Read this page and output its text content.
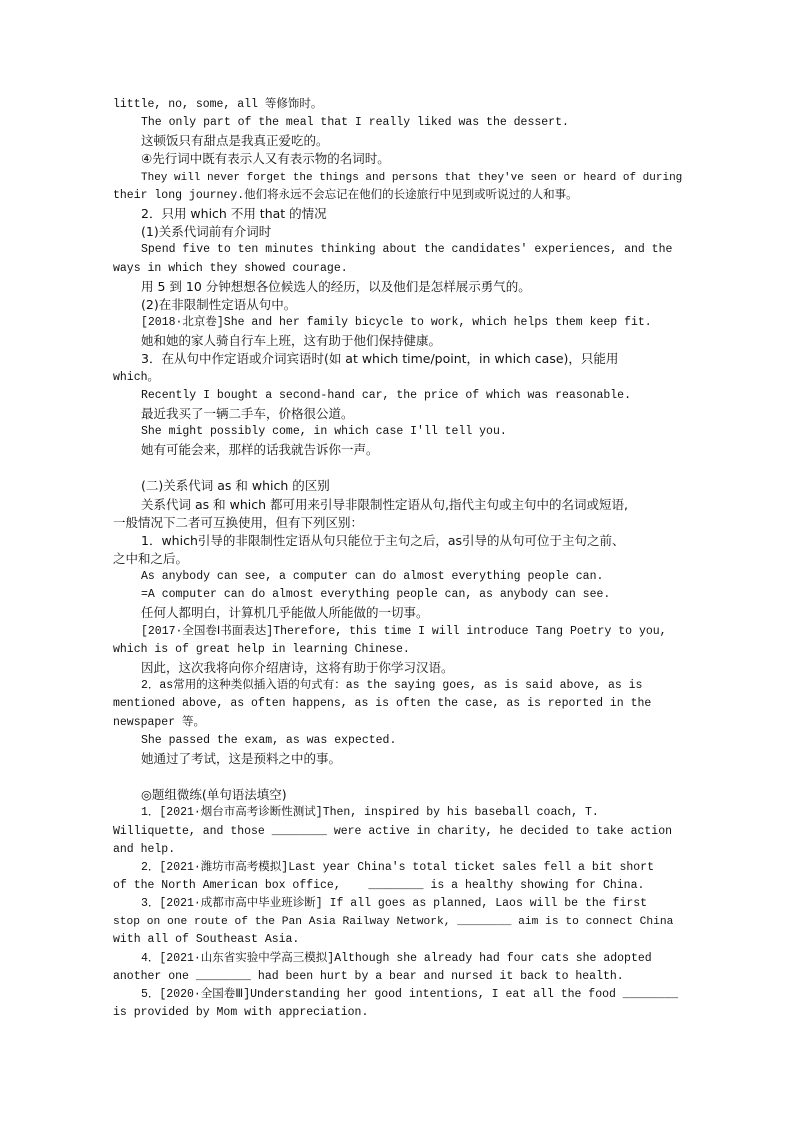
little, no, some, all 等修饰时。
The only part of the meal that I really liked was the dessert.
这顿饭只有甜点是我真正爱吃的。
④先行词中既有表示人又有表示物的名词时。
They will never forget the things and persons that they've seen or heard of during
their long journey.他们将永远不会忘记在他们的长途旅行中见到或听说过的人和事。
2．只用 which 不用 that 的情况
(1)关系代词前有介词时
Spend five to ten minutes thinking about the candidates' experiences, and the
ways in which they showed courage.
用 5 到 10 分钟想想各位候选人的经历，以及他们是怎样展示勇气的。
(2)在非限制性定语从句中。
[2018·北京卷]She and her family bicycle to work, which helps them keep fit.
她和她的家人骑自行车上班，这有助于他们保持健康。
3．在从句中作定语或介词宾语时(如 at which time/point，in which case)，只能用
which。
Recently I bought a second-hand car, the price of which was reasonable.
最近我买了一辆二手车，价格很公道。
She might possibly come, in which case I'll tell you.
她有可能会来，那样的话我就告诉你一声。
(二)关系代词 as 和 which 的区别
关系代词 as 和 which 都可用来引导非限制性定语从句,指代主句或主句中的名词或短语,
一般情况下二者可互换使用，但有下列区别：
1．which引导的非限制性定语从句只能位于主句之后，as引导的从句可位于主句之前、
之中和之后。
As anybody can see, a computer can do almost everything people can.
=A computer can do almost everything people can, as anybody can see.
任何人都明白，计算机几乎能做人所能做的一切事。
[2017·全国卷Ⅰ书面表达]Therefore, this time I will introduce Tang Poetry to you,
which is of great help in learning Chinese.
因此，这次我将向你介绍唐诗，这将有助于你学习汉语。
2．as常用的这种类似插入语的句式有：as the saying goes, as is said above, as is
mentioned above, as often happens, as is often the case, as is reported in the
newspaper 等。
She passed the exam, as was expected.
她通过了考试，这是预料之中的事。
◎题组微练(单句语法填空)
1．[2021·烟台市高考诊断性测试]Then, inspired by his baseball coach, T.
Williquette, and those ________ were active in charity, he decided to take action
and help.
2．[2021·潍坊市高考模拟]Last year China's total ticket sales fell a bit short
of the North American box office,    ________ is a healthy showing for China.
3．[2021·成都市高中毕业班诊断] If all goes as planned, Laos will be the first
stop on one route of the Pan Asia Railway Network, ________ aim is to connect China
with all of Southeast Asia.
4．[2021·山东省实验中学高三模拟]Although she already had four cats she adopted
another one ________ had been hurt by a bear and nursed it back to health.
5．[2020·全国卷Ⅲ]Understanding her good intentions, I eat all the food ________
is provided by Mom with appreciation.
